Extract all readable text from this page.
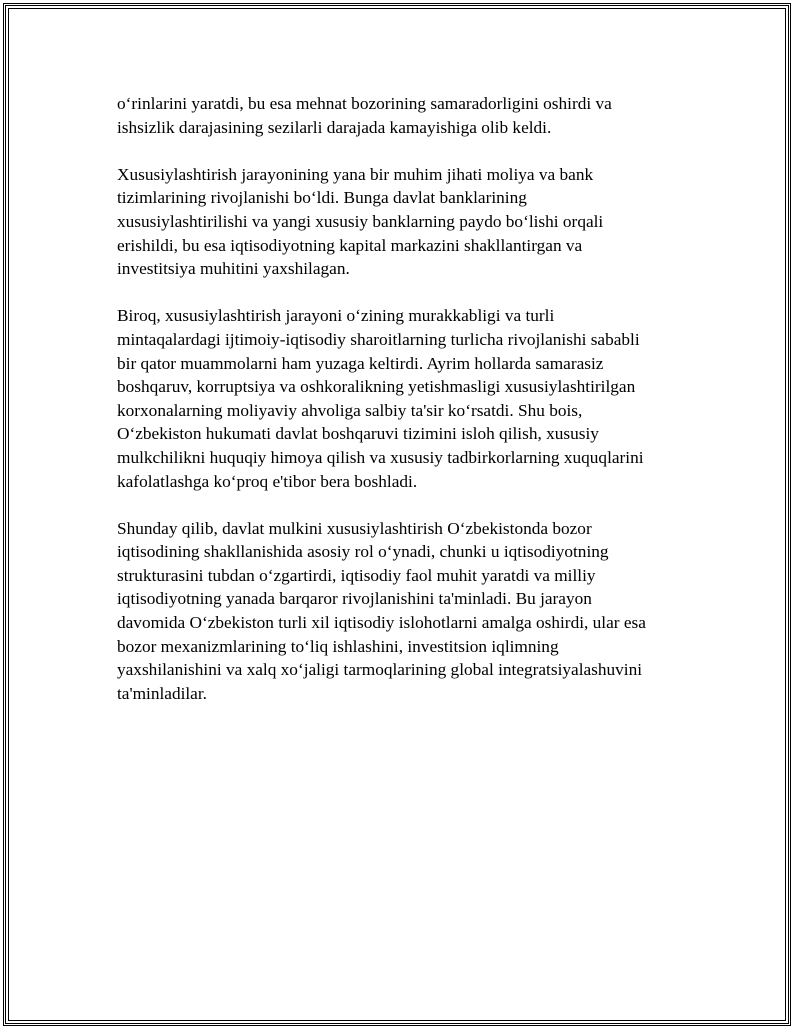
o‘rinlarini yaratdi, bu esa mehnat bozorining samaradorligini oshirdi va
ishsizlik darajasining sezilarli darajada kamayishiga olib keldi.

Xususiylashtirish jarayonining yana bir muhim jihati moliya va bank
tizimlarining rivojlanishi bo‘ldi. Bunga davlat banklarining
xususiylashtirilishi va yangi xususiy banklarning paydo bo‘lishi orqali
erishildi, bu esa iqtisodiyotning kapital markazini shakllantirgan va
investitsiya muhitini yaxshilagan.

Biroq, xususiylashtirish jarayoni o‘zining murakkabligi va turli
mintaqalardagi ijtimoiy-iqtisodiy sharoitlarning turlicha rivojlanishi sababli
bir qator muammolarni ham yuzaga keltirdi. Ayrim hollarda samarasiz
boshqaruv, korruptsiya va oshkoralikning yetishmasligi xususiylashtirilgan
korxonalarning moliyaviy ahvoliga salbiy ta'sir ko‘rsatdi. Shu bois,
O‘zbekiston hukumati davlat boshqaruvi tizimini isloh qilish, xususiy
mulkchilikni huquqiy himoya qilish va xususiy tadbirkorlarning xuquqlarini
kafolatlashga ko‘proq e'tibor bera boshladi.

Shunday qilib, davlat mulkini xususiylashtirish O‘zbekistonda bozor
iqtisodining shakllanishida asosiy rol o‘ynadi, chunki u iqtisodiyotning
strukturasini tubdan o‘zgartirdi, iqtisodiy faol muhit yaratdi va milliy
iqtisodiyotning yanada barqaror rivojlanishini ta'minladi. Bu jarayon
davomida O‘zbekiston turli xil iqtisodiy islohotlarni amalga oshirdi, ular esa
bozor mexanizmlarining to‘liq ishlashini, investitsion iqlimning
yaxshilanishini va xalq xo‘jaligi tarmoqlarining global integratsiyalashuvini
ta'minladilar.
